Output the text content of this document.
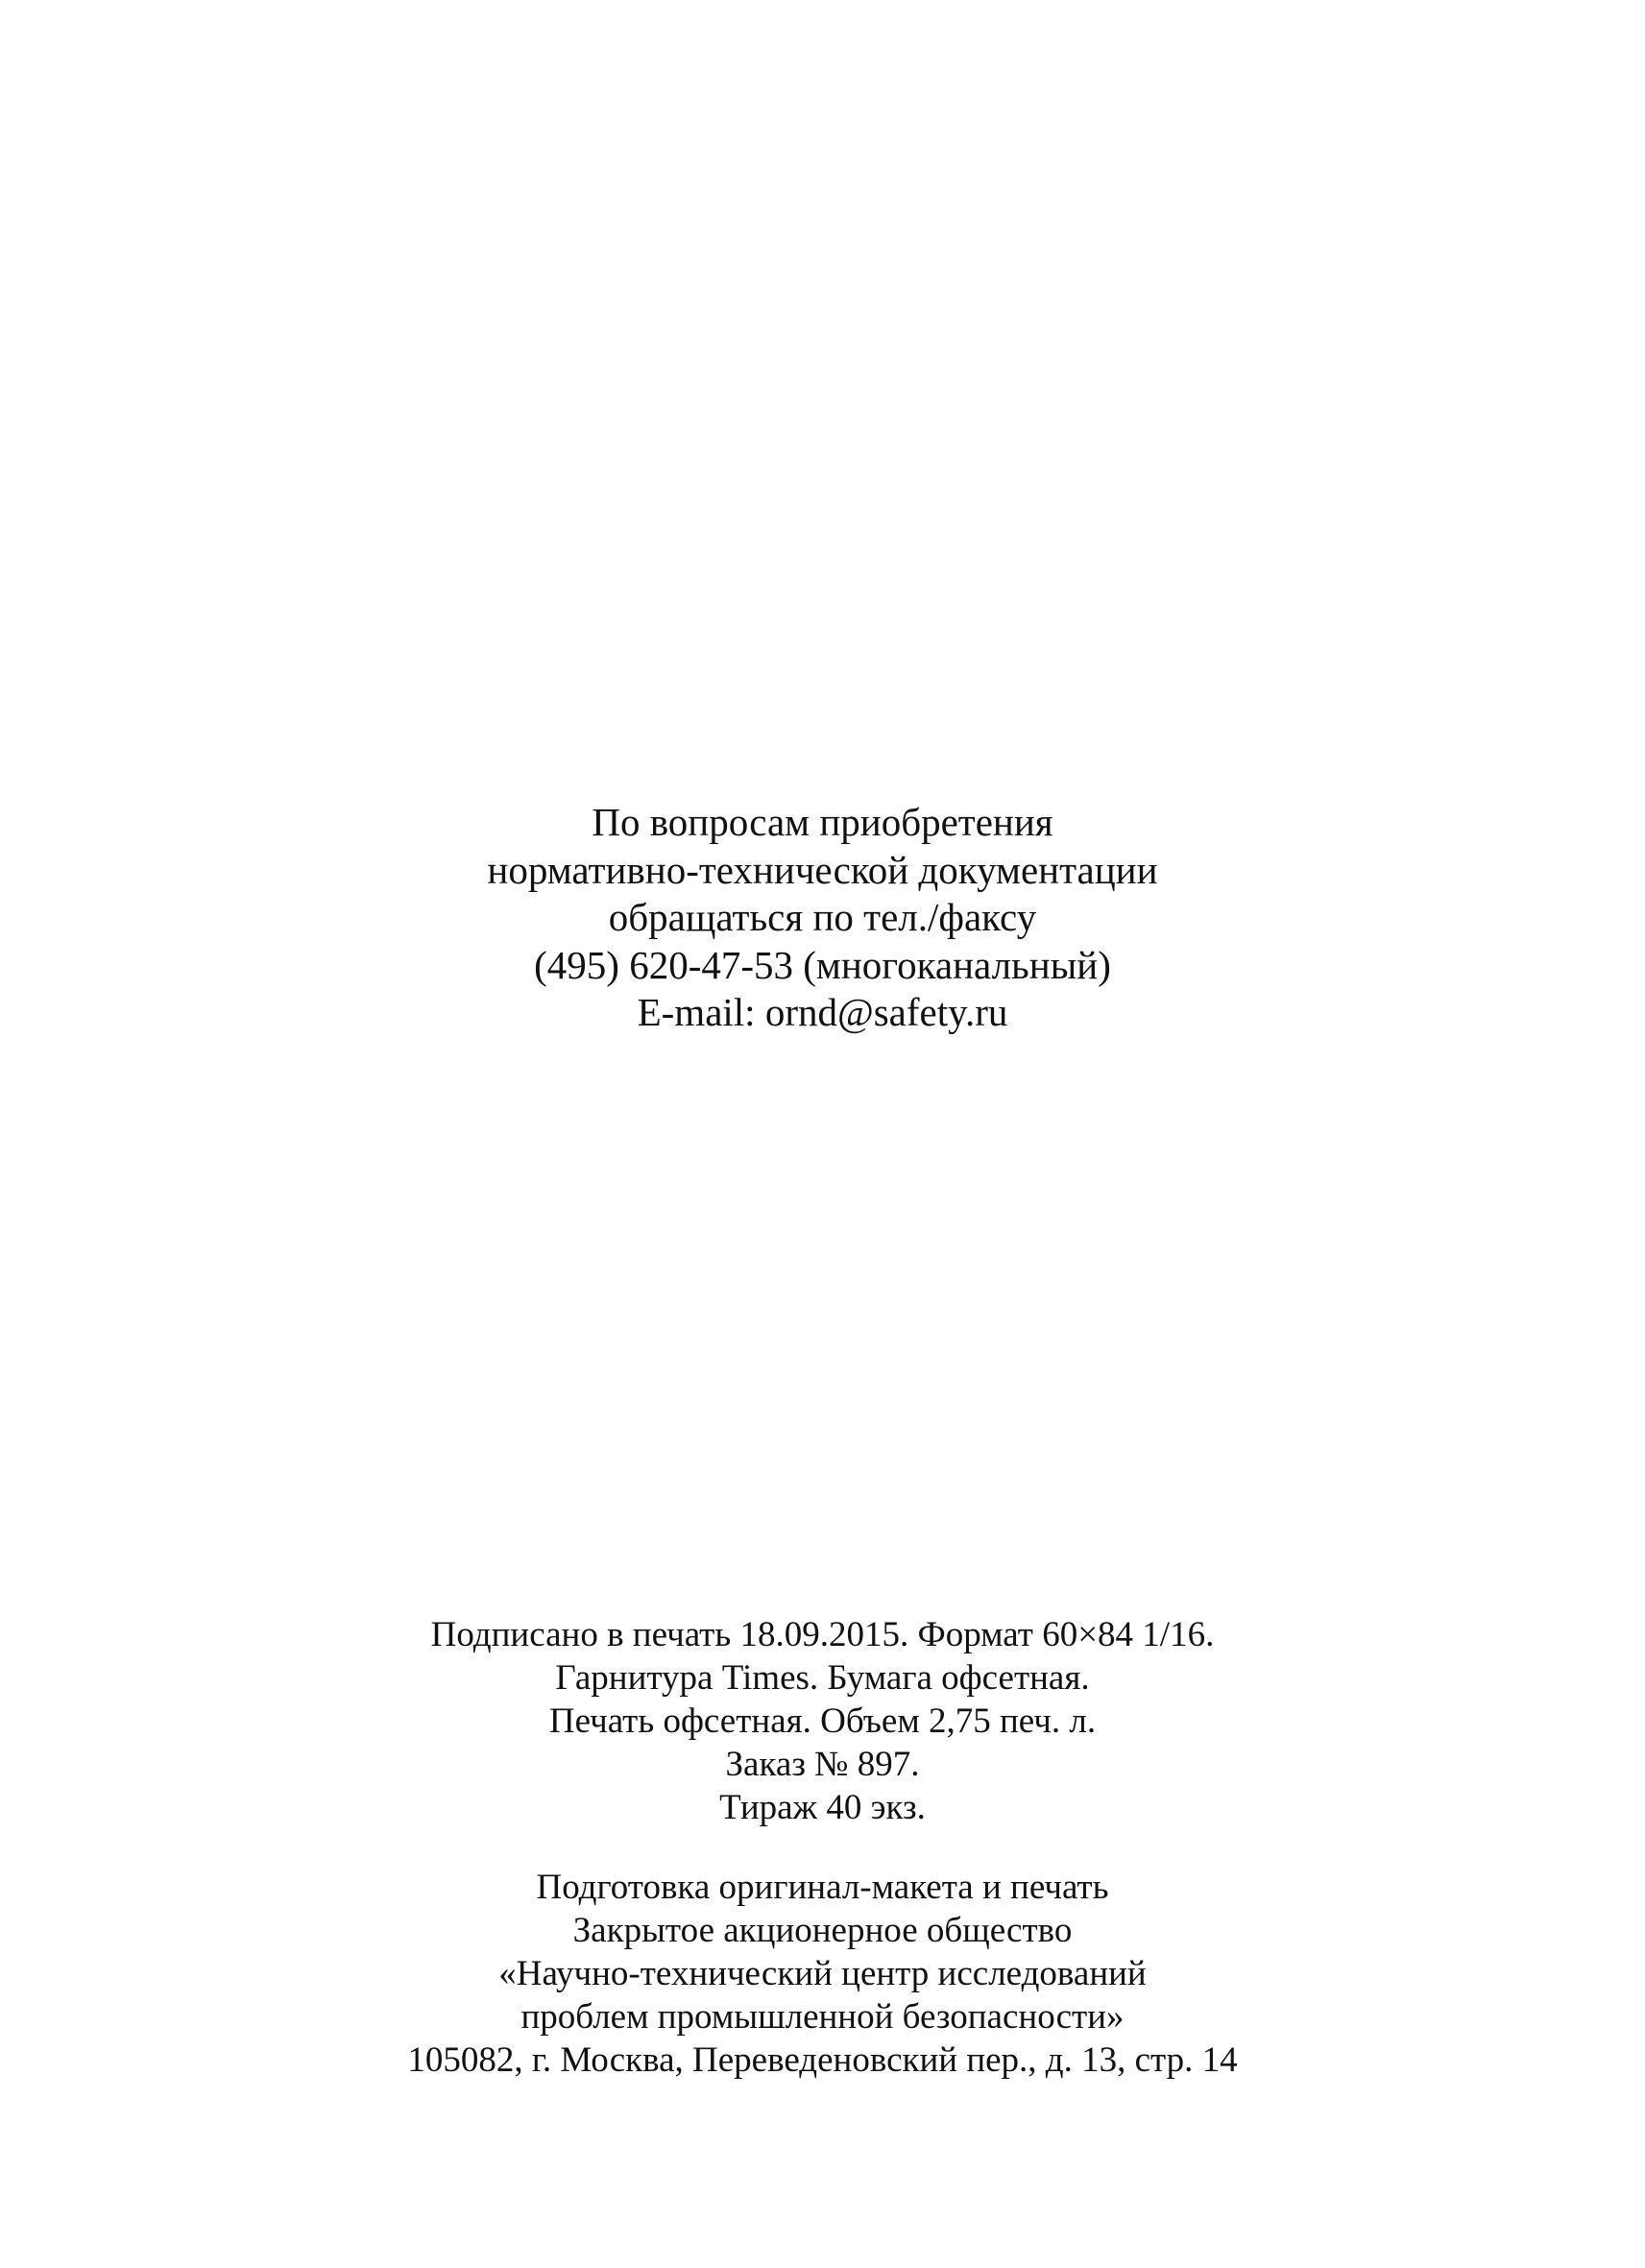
По вопросам приобретения

нормативно-технической документации

обращаться по тел./факсу

(495) 620-47-53 (многоканальный)

E-mail: ornd@safety.ru

Подписано в печать 18.09.2015. Формат 60×84 1/16.

Гарнитура Times. Бумага офсетная.

Печать офсетная. Объем 2,75 печ. л.

Заказ № 897.

Тираж 40 экз.

Подготовка оригинал-макета и печать

Закрытое акционерное общество

«Научно-технический центр исследований

проблем промышленной безопасности»

105082, г. Москва, Переведеновский пер., д. 13, стр. 14
